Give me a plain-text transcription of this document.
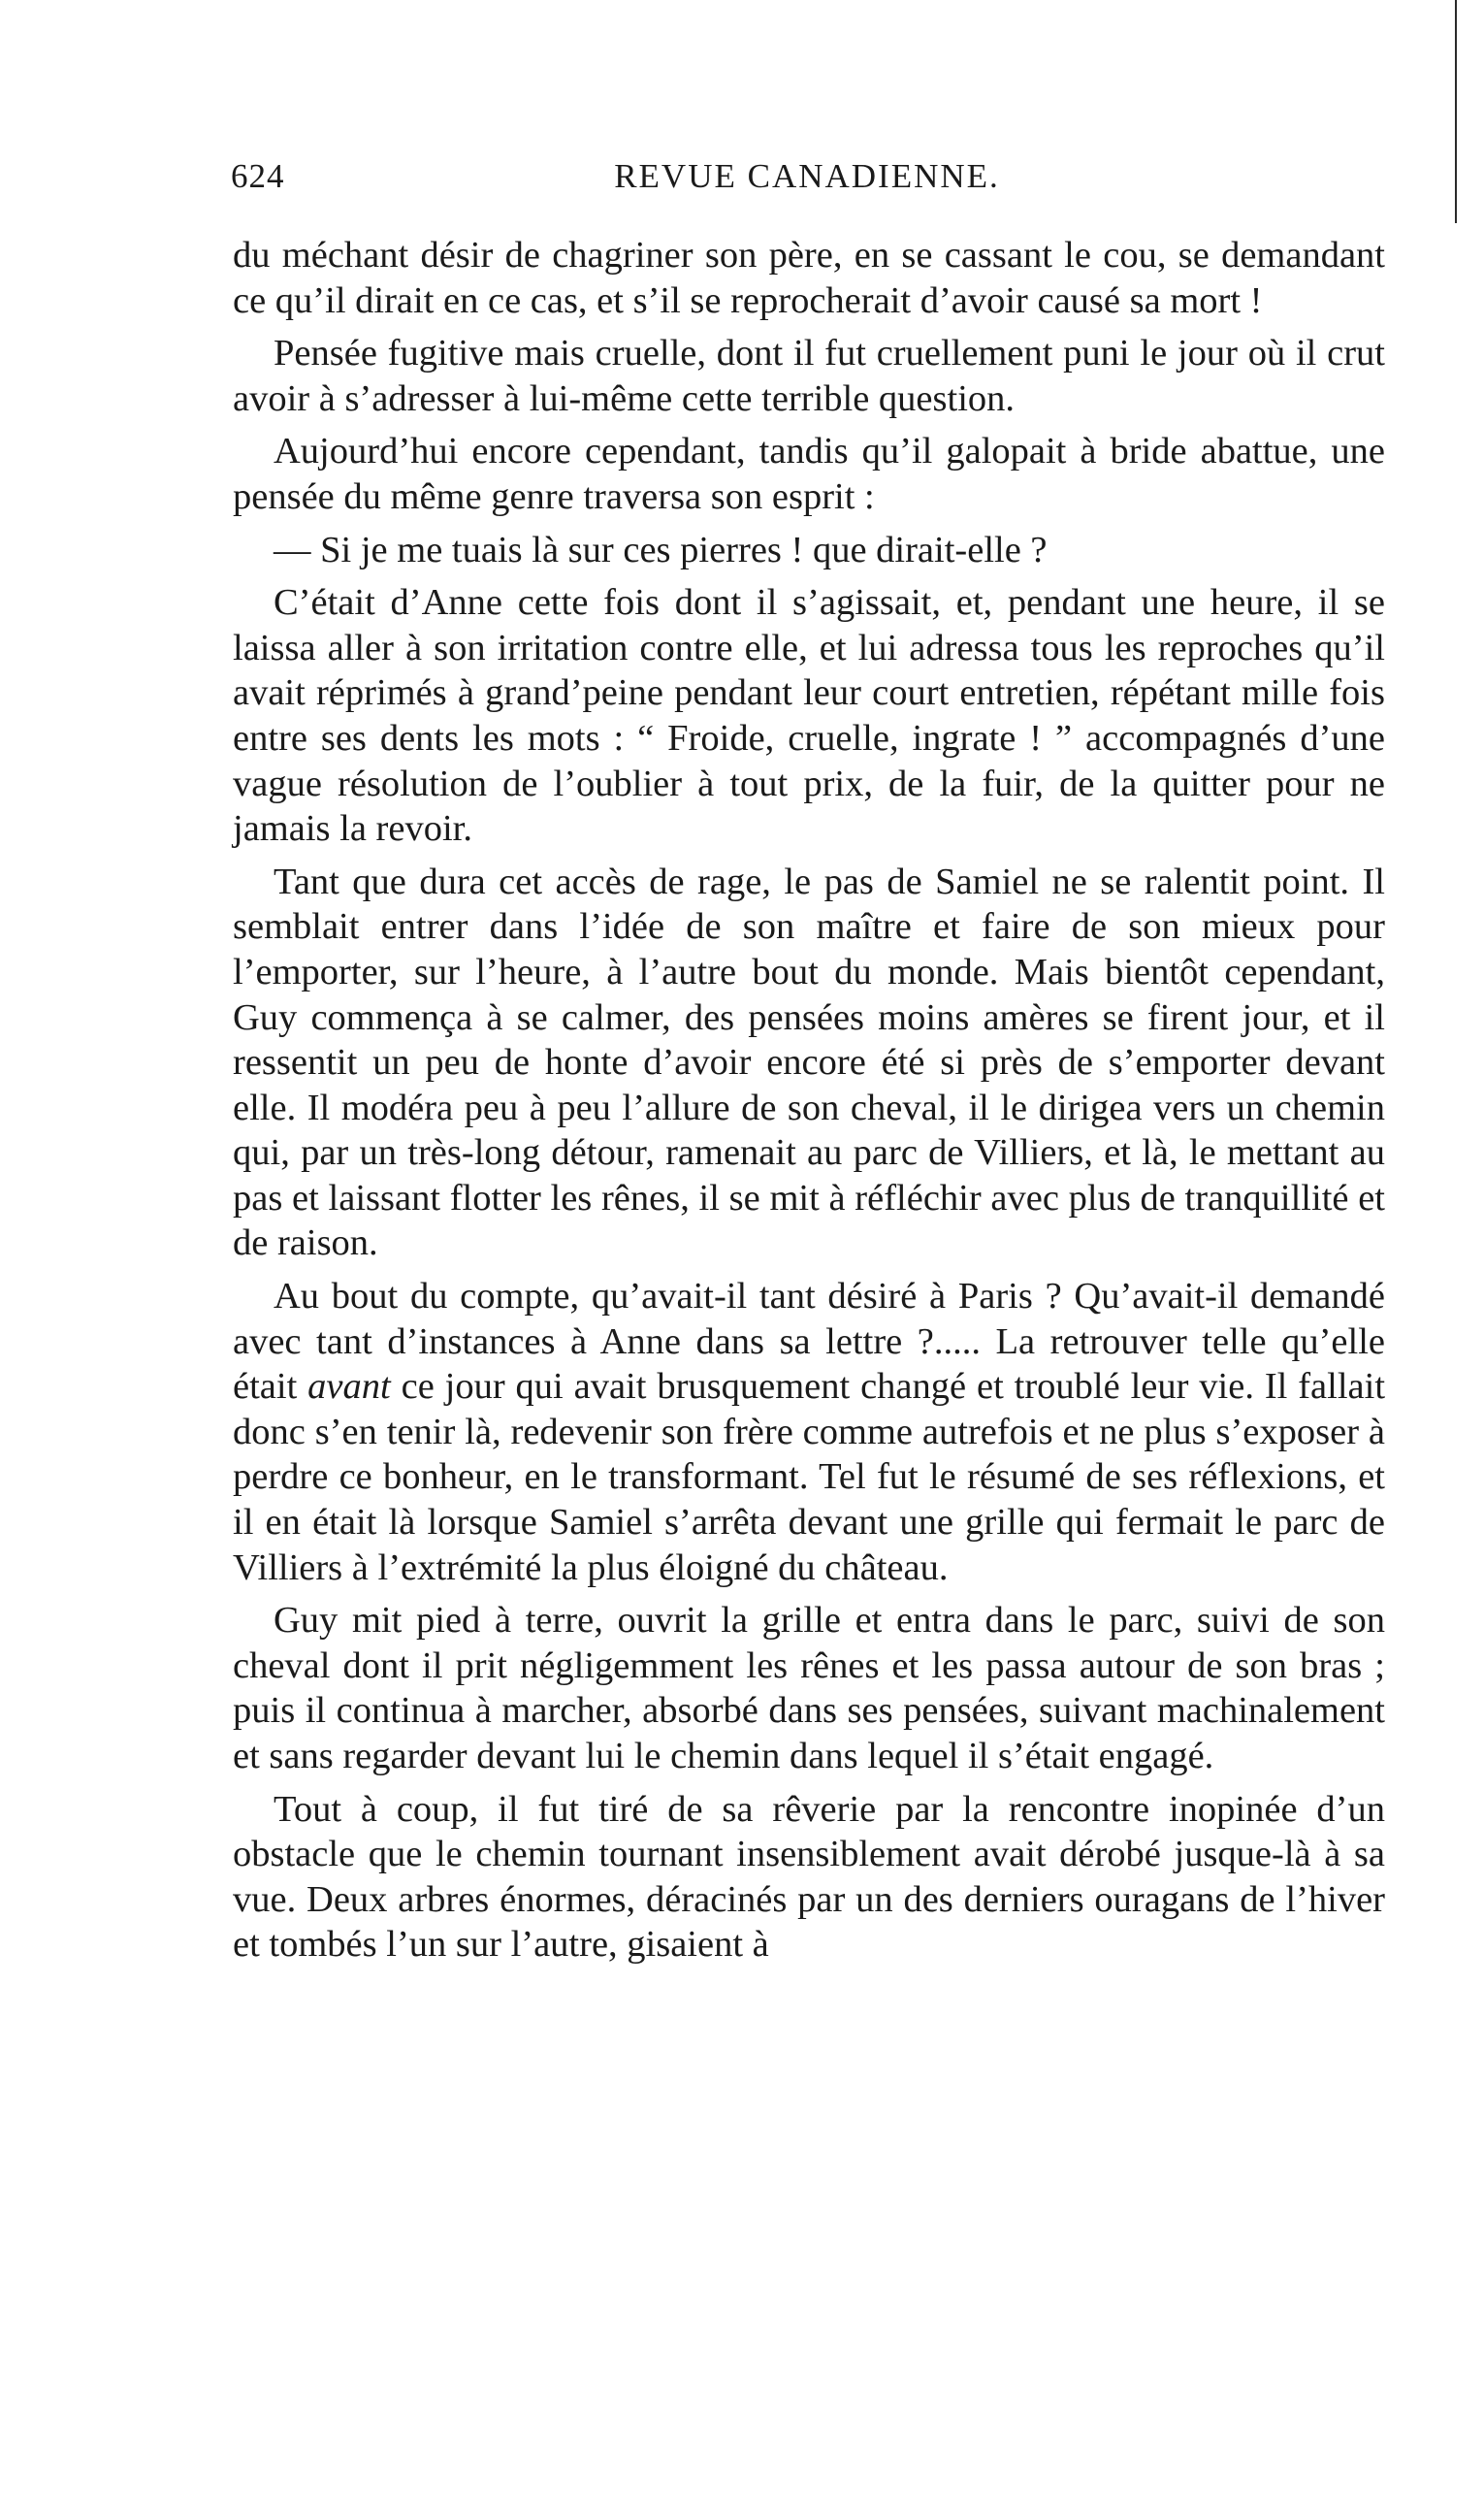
624	REVUE CANADIENNE.

du méchant désir de chagriner son père, en se cassant le cou, se demandant ce qu’il dirait en ce cas, et s’il se reprocherait d’avoir causé sa mort !

Pensée fugitive mais cruelle, dont il fut cruellement puni le jour où il crut avoir à s’adresser à lui-même cette terrible question.

Aujourd’hui encore cependant, tandis qu’il galopait à bride abattue, une pensée du même genre traversa son esprit :

— Si je me tuais là sur ces pierres ! que dirait-elle ?

C’était d’Anne cette fois dont il s’agissait, et, pendant une heure, il se laissa aller à son irritation contre elle, et lui adressa tous les reproches qu’il avait réprimés à grand’peine pendant leur court entretien, répétant mille fois entre ses dents les mots : “ Froide, cruelle, ingrate ! ” accompagnés d’une vague résolution de l’oublier à tout prix, de la fuir, de la quitter pour ne jamais la revoir.

Tant que dura cet accès de rage, le pas de Samiel ne se ralentit point. Il semblait entrer dans l’idée de son maître et faire de son mieux pour l’emporter, sur l’heure, à l’autre bout du monde. Mais bientôt cependant, Guy commença à se calmer, des pensées moins amères se firent jour, et il ressentit un peu de honte d’avoir encore été si près de s’emporter devant elle. Il modéra peu à peu l’allure de son cheval, il le dirigea vers un chemin qui, par un très-long détour, ramenait au parc de Villiers, et là, le mettant au pas et laissant flotter les rênes, il se mit à réfléchir avec plus de tranquillité et de raison.

Au bout du compte, qu’avait-il tant désiré à Paris ? Qu’avait-il demandé avec tant d’instances à Anne dans sa lettre ?..... La retrouver telle qu’elle était avant ce jour qui avait brusquement changé et troublé leur vie. Il fallait donc s’en tenir là, redevenir son frère comme autrefois et ne plus s’exposer à perdre ce bonheur, en le transformant. Tel fut le résumé de ses réflexions, et il en était là lorsque Samiel s’arrêta devant une grille qui fermait le parc de Villiers à l’extrémité la plus éloigné du château.

Guy mit pied à terre, ouvrit la grille et entra dans le parc, suivi de son cheval dont il prit négligemment les rênes et les passa autour de son bras ; puis il continua à marcher, absorbé dans ses pensées, suivant machinalement et sans regarder devant lui le chemin dans lequel il s’était engagé.

Tout à coup, il fut tiré de sa rêverie par la rencontre inopinée d’un obstacle que le chemin tournant insensiblement avait dérobé jusque-là à sa vue. Deux arbres énormes, déracinés par un des derniers ouragans de l’hiver et tombés l’un sur l’autre, gisaient à
